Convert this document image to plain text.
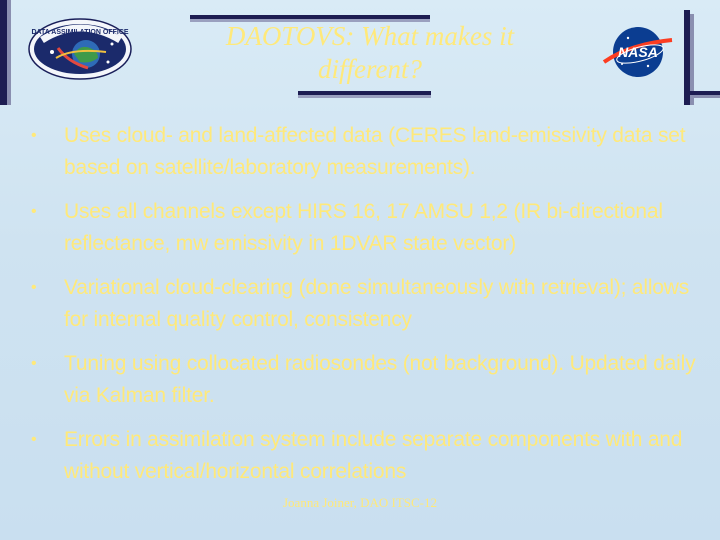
DATA ASSIMILATION OFFICE	DAOTOVS: What makes it
different?
NASA
• Uses cloud- and land-affected data (CERES land-emissivity data set based on satellite/laboratory measurements).
• Uses all channels except HIRS 16, 17 AMSU 1,2 (IR bi-directional reflectance, mw emissivity in 1DVAR state vector)
• Variational cloud-clearing (done simultaneously with retrieval); allows for internal quality control, consistency
• Tuning using collocated radiosondes (not background). Updated daily via Kalman filter.
• Errors in assimilation system include separate components with and without vertical/horizontal correlations
Joanna Joiner, DAO ITSC-12
